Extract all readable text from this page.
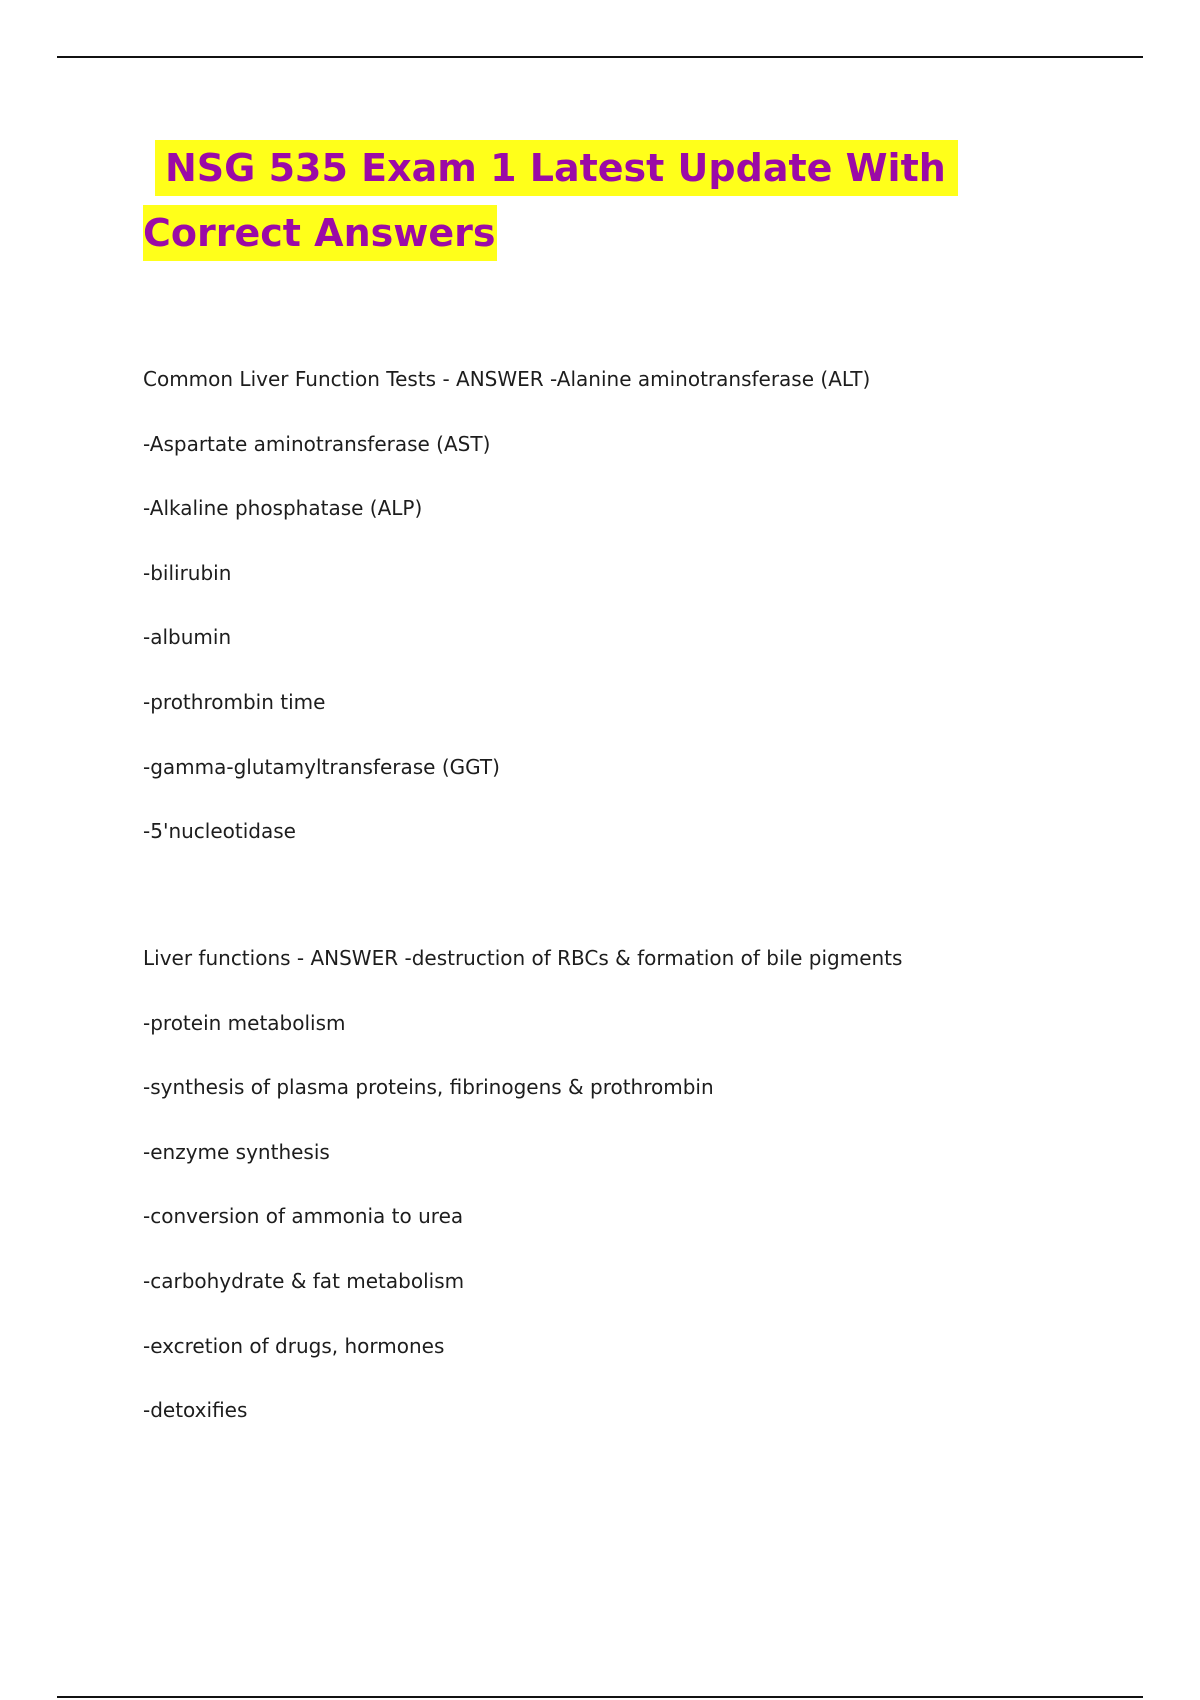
NSG 535 Exam 1 Latest Update With

Correct Answers

Common Liver Function Tests - ANSWER -Alanine aminotransferase (ALT)

-Aspartate aminotransferase (AST)

-Alkaline phosphatase (ALP)

-bilirubin

-albumin

-prothrombin time

-gamma-glutamyltransferase (GGT)

-5'nucleotidase

Liver functions - ANSWER -destruction of RBCs & formation of bile pigments

-protein metabolism

-synthesis of plasma proteins, fibrinogens & prothrombin

-enzyme synthesis

-conversion of ammonia to urea

-carbohydrate & fat metabolism

-excretion of drugs, hormones

-detoxifies
